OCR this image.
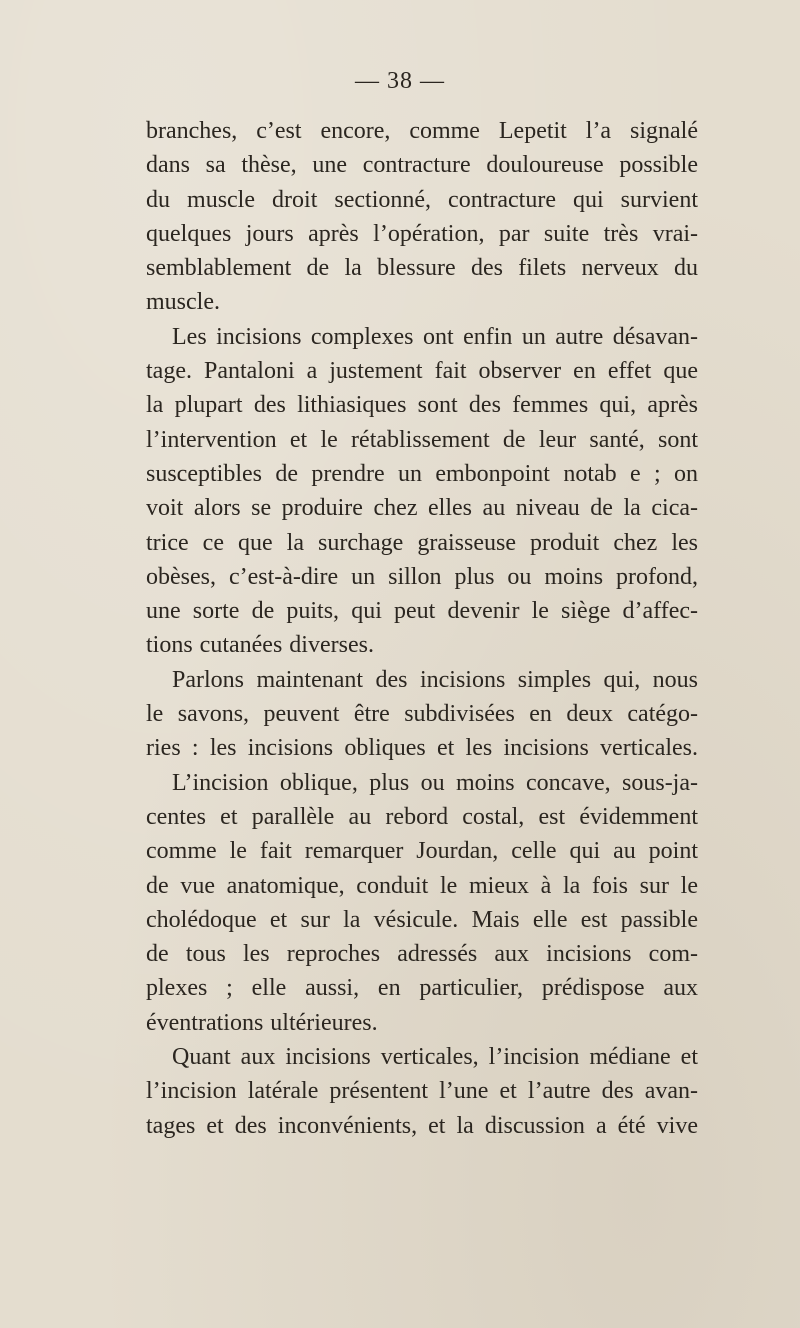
— 38 —
branches, c’est encore, comme Lepetit l’a signalé
dans sa thèse, une contracture douloureuse possible
du muscle droit sectionné, contracture qui survient
quelques jours après l’opération, par suite très vrai-
semblablement de la blessure des filets nerveux du
muscle.
Les incisions complexes ont enfin un autre désavan-
tage. Pantaloni a justement fait observer en effet que
la plupart des lithiasiques sont des femmes qui, après
l’intervention et le rétablissement de leur santé, sont
susceptibles de prendre un embonpoint notab e ; on
voit alors se produire chez elles au niveau de la cica-
trice ce que la surchage graisseuse produit chez les
obèses, c’est-à-dire un sillon plus ou moins profond,
une sorte de puits, qui peut devenir le siège d’affec-
tions cutanées diverses.
Parlons maintenant des incisions simples qui, nous
le savons, peuvent être subdivisées en deux catégo-
ries : les incisions obliques et les incisions verticales.
L’incision oblique, plus ou moins concave, sous-ja-
centes et parallèle au rebord costal, est évidemment
comme le fait remarquer Jourdan, celle qui au point
de vue anatomique, conduit le mieux à la fois sur le
cholédoque et sur la vésicule. Mais elle est passible
de tous les reproches adressés aux incisions com-
plexes ; elle aussi, en particulier, prédispose aux
éventrations ultérieures.
Quant aux incisions verticales, l’incision médiane et
l’incision latérale présentent l’une et l’autre des avan-
tages et des inconvénients, et la discussion a été vive
